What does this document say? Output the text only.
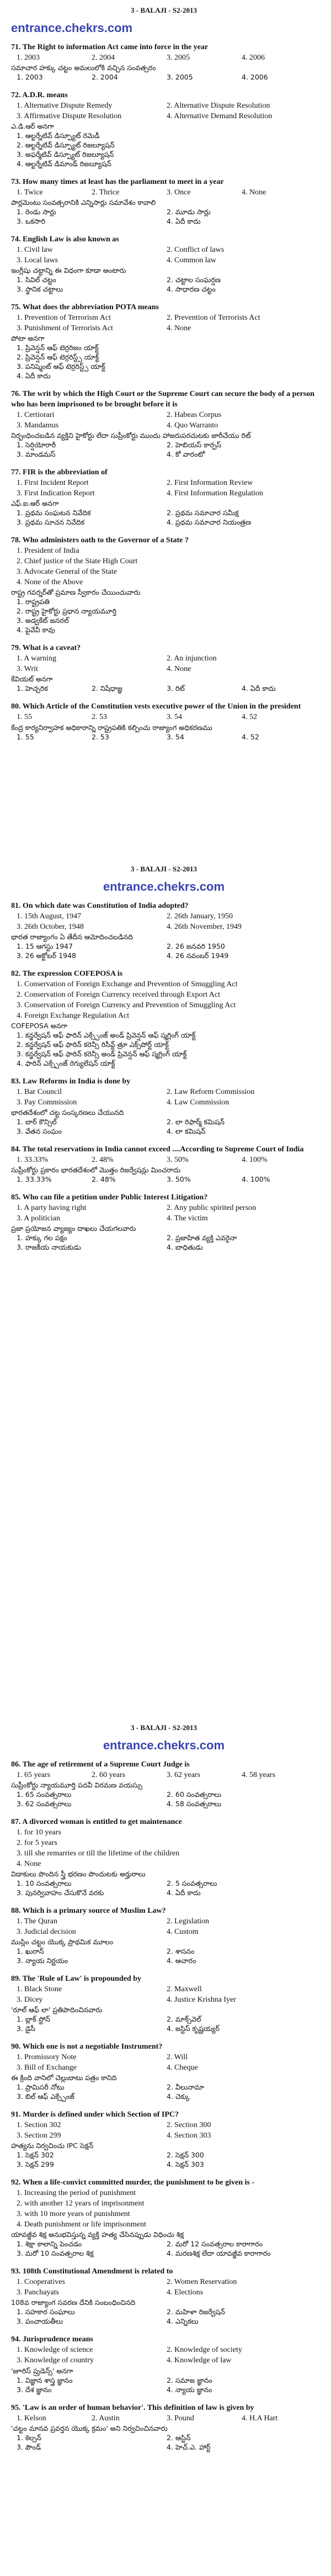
3 - BALAJI - S2-2013
entrance.chekrs.com
71. The Right to information Act came into force in the year
1. 2003	2. 2004	3. 2005	4. 2006
సమాచార హక్కు చట్టం అమలులోకి వచ్చిన సంవత్సరం
1. 2003	2. 2004	3. 2005	4. 2006
72. A.D.R. means
1. Alternative Dispute Remedy	2. Alternative Dispute Resolution
3. Affirmative Dispute Resolution	4. Alternative Demand Resolution
ఎ.డి.ఆర్ అనగా
1. ఆల్టర్నేటివ్ డిస్ప్యూట్ రెమెడీ
2. ఆల్టర్నేటివ్ డిస్ప్యూట్ రిజల్యూషన్
3. అఫర్మేటివ్ డిస్ప్యూట్ రిజల్యూషన్
4. ఆల్టర్నేటివ్ డిమాండ్ రిజల్యూషన్
73. How many times at least has the parliament to meet in a year
1. Twice	2. Thrice	3. Once	4. None
పార్లమెంటు సంవత్సరానికి ఎన్నిసార్లు సమావేశం కావాలి
1. రెండు సార్లు	2. మూడు సార్లు
3. ఒకసారి	4. ఏదీ కాదు
74. English Law is also known as
1. Civil law	2. Conflict of laws
3. Local laws	4. Common law
ఇంగ్లీషు చట్టాన్ని ఈ విధంగా కూడా అంటారు
1. సివిల్ చట్టం	2. చట్టాల సంఘర్షణ
3. స్థానిక చట్టాలు	4. సాధారణ చట్టం
75. What does the abbreviation POTA means
1. Prevention of Terrorism Act	2. Prevention of Terrorists Act
3. Punishment of Terrorists Act	4. None
పోటా అనగా
1. ప్రివెన్షన్ ఆఫ్ టెర్రరిజం యాక్ట్
2. ప్రివెన్షన్ ఆఫ్ టెర్రరిస్ట్స్ యాక్ట్
3. పనిష్మెంట్ ఆఫ్ టెర్రరిస్ట్స్ యాక్ట్
4. ఏదీ కాదు
76. The writ by which the High Court or the Supreme Court can secure the body of a person who has been imprisoned to be brought before it is
1. Certiorari	2. Habeas Corpus
3. Mandamus	4. Quo Warranto
నిర్బంధించబడిన వ్యక్తిని హైకోర్టు లేదా సుప్రీంకోర్టు ముందు హాజరుపరచుటకు జారీచేయు రిట్
1. సెర్షియోరారీ	2. హెబియస్ కార్పస్
3. మాండమస్	4. కో వారంటో
77. FIR is the abbreviation of
1. First Incident Report	2. First Information Review
3. First Indication Report	4. First Information Regulation
ఎఫ్.ఐ.ఆర్ అనగా
1. ప్రథమ సంఘటన నివేదిక	2. ప్రథమ సమాచార సమీక్ష
3. ప్రథమ సూచన నివేదిక	4. ప్రథమ సమాచార నియంత్రణ
78. Who administers oath to the Governor of a State ?
1. President of India
2. Chief justice of the State High Court
3. Advocate General of the State
4. None of the Above
రాష్ట్ర గవర్నర్‌తో ప్రమాణ స్వీకారం చేయించువారు
1. రాష్ట్రపతి
2. రాష్ట్ర హైకోర్టు ప్రధాన న్యాయమూర్తి
3. అడ్వకేట్ జనరల్
4. పైవేవీ కావు
79. What is a caveat?
1. A warning	2. An injunction
3. Writ	4. None
కేవియట్ అనగా
1. హెచ్చరిక	2. నిషేధాజ్ఞ	3. రిట్	4. ఏదీ కాదు
80. Which Article of the Constitution vests executive power of the Union in the president
1. 55	2. 53	3. 54	4. 52
కేంద్ర కార్యనిర్వాహక అధికారాన్ని రాష్ట్రపతికి కల్పించు రాజ్యాంగ అధికరణము
1. 55	2. 53	3. 54	4. 52
3 - BALAJI - S2-2013
entrance.chekrs.com
81. On which date was Constitution of India adopted?
1. 15th August, 1947	2. 26th January, 1950
3. 26th October, 1948	4. 26th November, 1949
భారత రాజ్యాంగం ఏ తేదీన ఆమోదించబడినది
1. 15 ఆగస్టు 1947	2. 26 జనవరి 1950
3. 26 అక్టోబర్ 1948	4. 26 నవంబర్ 1949
82. The expression COFEPOSA is
1. Conservation of Foreign Exchange and Prevention of Smuggling Act
2. Conservation of Foreign Currency received through Export Act
3. Conservation of Foreign Currency and Prevention of Smuggling Act
4. Foreign Exchange Regulation Act
COFEPOSA అనగా
1. కన్జర్వేషన్ ఆఫ్ ఫారిన్ ఎక్స్చేంజ్ అండ్ ప్రివెన్షన్ ఆఫ్ స్మగ్లింగ్ యాక్ట్
2. కన్జర్వేషన్ ఆఫ్ ఫారిన్ కరెన్సీ రిసీవ్డ్ త్రూ ఎక్స్‌పోర్ట్ యాక్ట్
3. కన్జర్వేషన్ ఆఫ్ ఫారిన్ కరెన్సీ అండ్ ప్రివెన్షన్ ఆఫ్ స్మగ్లింగ్ యాక్ట్
4. ఫారిన్ ఎక్స్చేంజ్ రెగ్యులేషన్ యాక్ట్
83. Law Reforms in India is done by
1. Bar Council	2. Law Reform Commission
3. Pay Commission	4. Law Commission
భారతదేశంలో చట్ట సంస్కరణలు చేయునది
1. బార్ కౌన్సిల్	2. లా రిఫార్మ్ కమిషన్
3. వేతన సంఘం	4. లా కమిషన్
84. The total reservations in India cannot exceed ....According to Supreme Court of India
1. 33.33%	2. 48%	3. 50%	4. 100%
సుప్రీంకోర్టు ప్రకారం భారతదేశంలో మొత్తం రిజర్వేషన్లు మించరాదు
1. 33.33%	2. 48%	3. 50%	4. 100%
85. Who can file a petition under Public Interest Litigation?
1. A party having right	2. Any public spirited person
3. A politician	4. The victim
ప్రజా ప్రయోజన వ్యాజ్యం దాఖలు చేయగలవారు
1. హక్కు గల పక్షం	2. ప్రజాహిత వ్యక్తి ఎవరైనా
3. రాజకీయ నాయకుడు	4. బాధితుడు
3 - BALAJI - S2-2013
entrance.chekrs.com
86. The age of retirement of a Supreme Court Judge is
1. 65 years	2. 60 years	3. 62 years	4. 58 years
సుప్రీంకోర్టు న్యాయమూర్తి పదవీ విరమణ వయస్సు
1. 65 సంవత్సరాలు	2. 60 సంవత్సరాలు
3. 62 సంవత్సరాలు	4. 58 సంవత్సరాలు
87. A divorced woman is entitled to get maintenance
1. for 10 years
2. for 5 years
3. till she remarries or till the lifetime of the children
4. None
విడాకులు పొందిన స్త్రీ భరణం పొందుటకు అర్హురాలు
1. 10 సంవత్సరాలు	2. 5 సంవత్సరాలు
3. పునర్వివాహం చేసుకొనే వరకు	4. ఏదీ కాదు
88. Which is a primary source of Muslim Law?
1. The Quran	2. Legislation
3. Judicial decision	4. Custom
ముస్లిం చట్టం యొక్క ప్రాథమిక మూలం
1. ఖురాన్	2. శాసనం
3. న్యాయ నిర్ణయం	4. ఆచారం
89. The 'Rule of Law' is propounded by
1. Black Stone	2. Maxwell
3. Dicey	4. Justice Krishna Iyer
'రూల్ ఆఫ్ లా' ప్రతిపాదించినవారు
1. బ్లాక్ స్టోన్	2. మాక్స్‌వెల్
3. డైసీ	4. జస్టిస్ కృష్ణయ్యర్
90. Which one is not a negotiable Instrument?
1. Promissory Note	2. Will
3. Bill of Exchange	4. Cheque
ఈ క్రింది వానిలో చెల్లుబాటు పత్రం కానిది
1. ప్రామిసరీ నోటు	2. వీలునామా
3. బిల్ ఆఫ్ ఎక్స్చేంజ్	4. చెక్కు
91. Murder is defined under which Section of IPC?
1. Section 302	2. Section 300
3. Section 299	4. Section 303
హత్యను నిర్వచించు IPC సెక్షన్
1. సెక్షన్ 302	2. సెక్షన్ 300
3. సెక్షన్ 299	4. సెక్షన్ 303
92. When a life-convict committed murder, the punishment to be given is -
1. Increasing the period of punishment
2. with another 12 years of imprisonment
3. with 10 more years of punishment
4. Death punishment or life imprisonment
యావజ్జీవ శిక్ష అనుభవిస్తున్న వ్యక్తి హత్య చేసినప్పుడు విధించు శిక్ష
1. శిక్షా కాలాన్ని పెంచడం	2. మరో 12 సంవత్సరాల కారాగారం
3. మరో 10 సంవత్సరాల శిక్ష	4. మరణశిక్ష లేదా యావజ్జీవ కారాగారం
93. 108th Constitutional Amendment is related to
1. Cooperatives	2. Women Reservation
3. Panchayats	4. Elections
108వ రాజ్యాంగ సవరణ దేనికి సంబంధించినది
1. సహకార సంఘాలు	2. మహిళా రిజర్వేషన్
3. పంచాయతీలు	4. ఎన్నికలు
94. Jurisprudence means
1. Knowledge of science	2. Knowledge of society
3. Knowledge of country	4. Knowledge of law
'జూరిస్ ప్రుడెన్స్' అనగా
1. విజ్ఞాన శాస్త్ర జ్ఞానం	2. సమాజ జ్ఞానం
3. దేశ జ్ఞానం	4. న్యాయ జ్ఞానం
95. 'Law is an order of human behavior'. This definition of law is given by
1. Kelson	2. Austin	3. Pound	4. H.A Hart
'చట్టం మానవ ప్రవర్తన యొక్క క్రమం' అని నిర్వచించినవారు
1. కెల్సన్	2. ఆస్టిన్
3. పౌండ్	4. హెచ్.ఎ. హార్ట్
